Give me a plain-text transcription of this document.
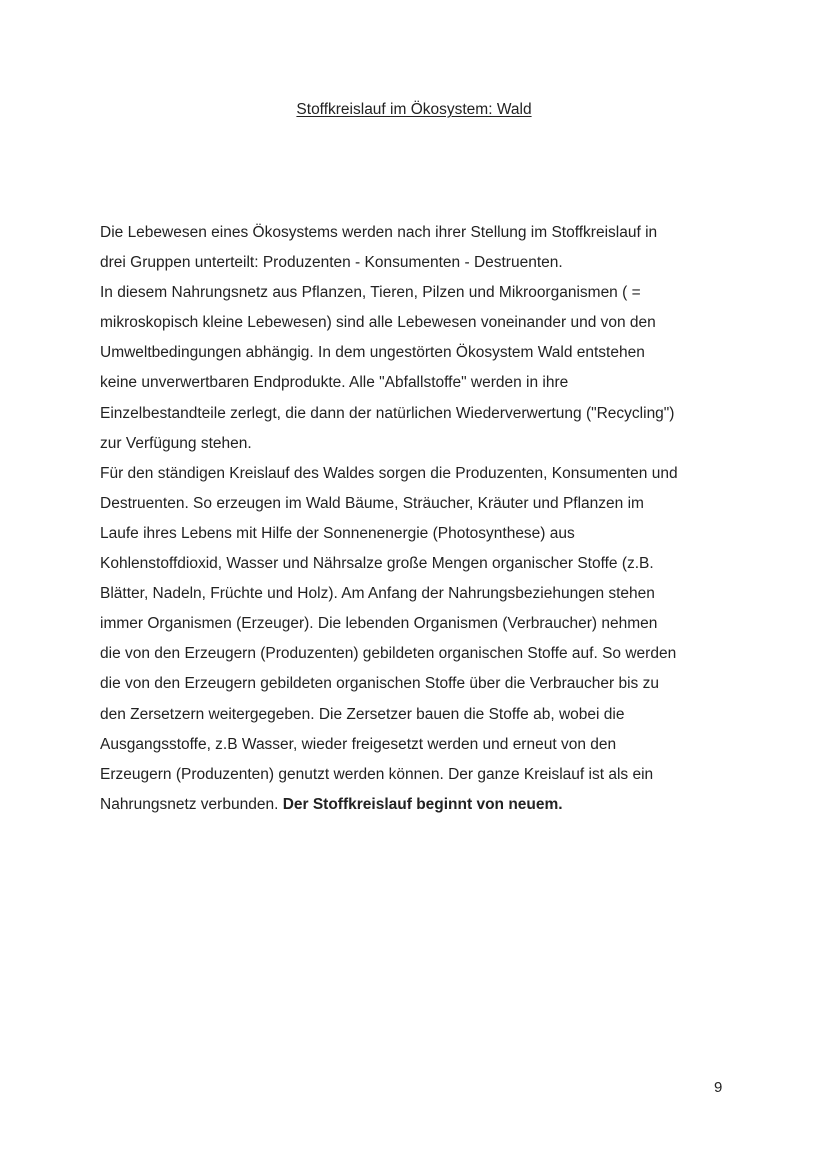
Stoffkreislauf im Ökosystem: Wald
Die Lebewesen eines Ökosystems werden nach ihrer Stellung im Stoffkreislauf in
drei Gruppen unterteilt: Produzenten - Konsumenten - Destruenten.
In diesem Nahrungsnetz aus Pflanzen, Tieren, Pilzen und Mikroorganismen ( =
mikroskopisch kleine Lebewesen) sind alle Lebewesen voneinander und von den
Umweltbedingungen abhängig. In dem ungestörten Ökosystem Wald entstehen
keine unverwertbaren Endprodukte. Alle "Abfallstoffe" werden in ihre
Einzelbestandteile zerlegt, die dann der natürlichen Wiederverwertung ("Recycling")
zur Verfügung stehen.
Für den ständigen Kreislauf des Waldes sorgen die Produzenten, Konsumenten und
Destruenten. So erzeugen im Wald Bäume, Sträucher, Kräuter und Pflanzen im
Laufe ihres Lebens mit Hilfe der Sonnenenergie (Photosynthese) aus
Kohlenstoffdioxid, Wasser und Nährsalze große Mengen organischer Stoffe (z.B.
Blätter, Nadeln, Früchte und Holz). Am Anfang der Nahrungsbeziehungen stehen
immer Organismen (Erzeuger). Die lebenden Organismen (Verbraucher) nehmen
die von den Erzeugern (Produzenten) gebildeten organischen Stoffe auf. So werden
die von den Erzeugern gebildeten organischen Stoffe über die Verbraucher bis zu
den Zersetzern weitergegeben. Die Zersetzer bauen die Stoffe ab, wobei die
Ausgangsstoffe, z.B Wasser, wieder freigesetzt werden und erneut von den
Erzeugern (Produzenten) genutzt werden können. Der ganze Kreislauf ist als ein
Nahrungsnetz verbunden. Der Stoffkreislauf beginnt von neuem.
9
